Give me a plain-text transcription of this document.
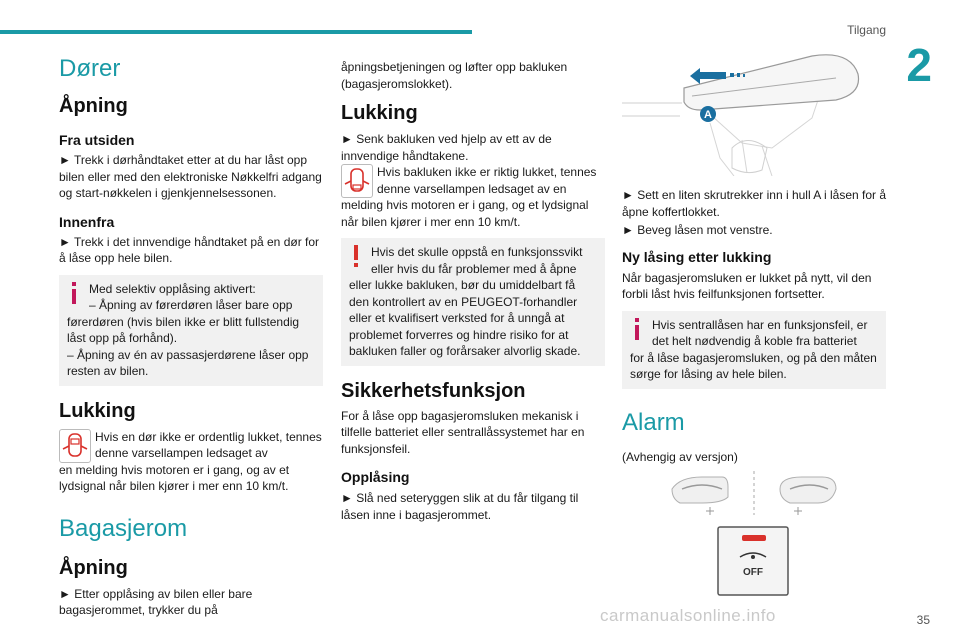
Tilgang
2
35
carmanualsonline.info
Dører
Åpning
Fra utsiden

► Trekk i dørhåndtaket etter at du har låst opp bilen eller med den elektroniske Nøkkelfri adgang og start-nøkkelen i gjenkjennelsessonen.

Innenfra

► Trekk i det innvendige håndtaket på en dør for å låse opp hele bilen.

Med selektiv opplåsing aktivert:
– Åpning av førerdøren låser bare opp
førerdøren (hvis bilen ikke er blitt fullstendig låst opp på forhånd).
– Åpning av én av passasjerdørene låser opp resten av bilen.
Lukking

Hvis en dør ikke er ordentlig lukket, tennes denne varsellampen ledsaget av

en melding hvis motoren er i gang, og av et lydsignal når bilen kjører i mer enn 10 km/t.

Bagasjerom
Åpning

► Etter opplåsing av bilen eller bare bagasjerommet, trykker du på

åpningsbetjeningen og løfter opp bakluken (bagasjeromslokket).

Lukking

► Senk bakluken ved hjelp av ett av de innvendige håndtakene.

Hvis bakluken ikke er riktig lukket, tennes denne varsellampen ledsaget av en

melding hvis motoren er i gang, og et lydsignal når bilen kjører i mer enn 10 km/t.

Hvis det skulle oppstå en funksjonssvikt eller hvis du får problemer med å åpne
eller lukke bakluken, bør du umiddelbart få den kontrollert av en PEUGEOT-forhandler eller et kvalifisert verksted for å unngå at problemet forverres og hindre risiko for at bakluken faller og forårsaker alvorlig skade.
Sikkerhetsfunksjon

For å låse opp bagasjeromsluken mekanisk i tilfelle batteriet eller sentrallåssystemet har en funksjonsfeil.

Opplåsing

► Slå ned seteryggen slik at du får tilgang til låsen inne i bagasjerommet.

A

► Sett en liten skrutrekker inn i hull A i låsen for å åpne koffertlokket.

► Beveg låsen mot venstre.

Ny låsing etter lukking

Når bagasjeromsluken er lukket på nytt, vil den forbli låst hvis feilfunksjonen fortsetter.

Hvis sentrallåsen har en funksjonsfeil, er det helt nødvendig å koble fra batteriet
for å låse bagasjeromsluken, og på den måten sørge for låsing av hele bilen.
Alarm

(Avhengig av versjon)

OFF
